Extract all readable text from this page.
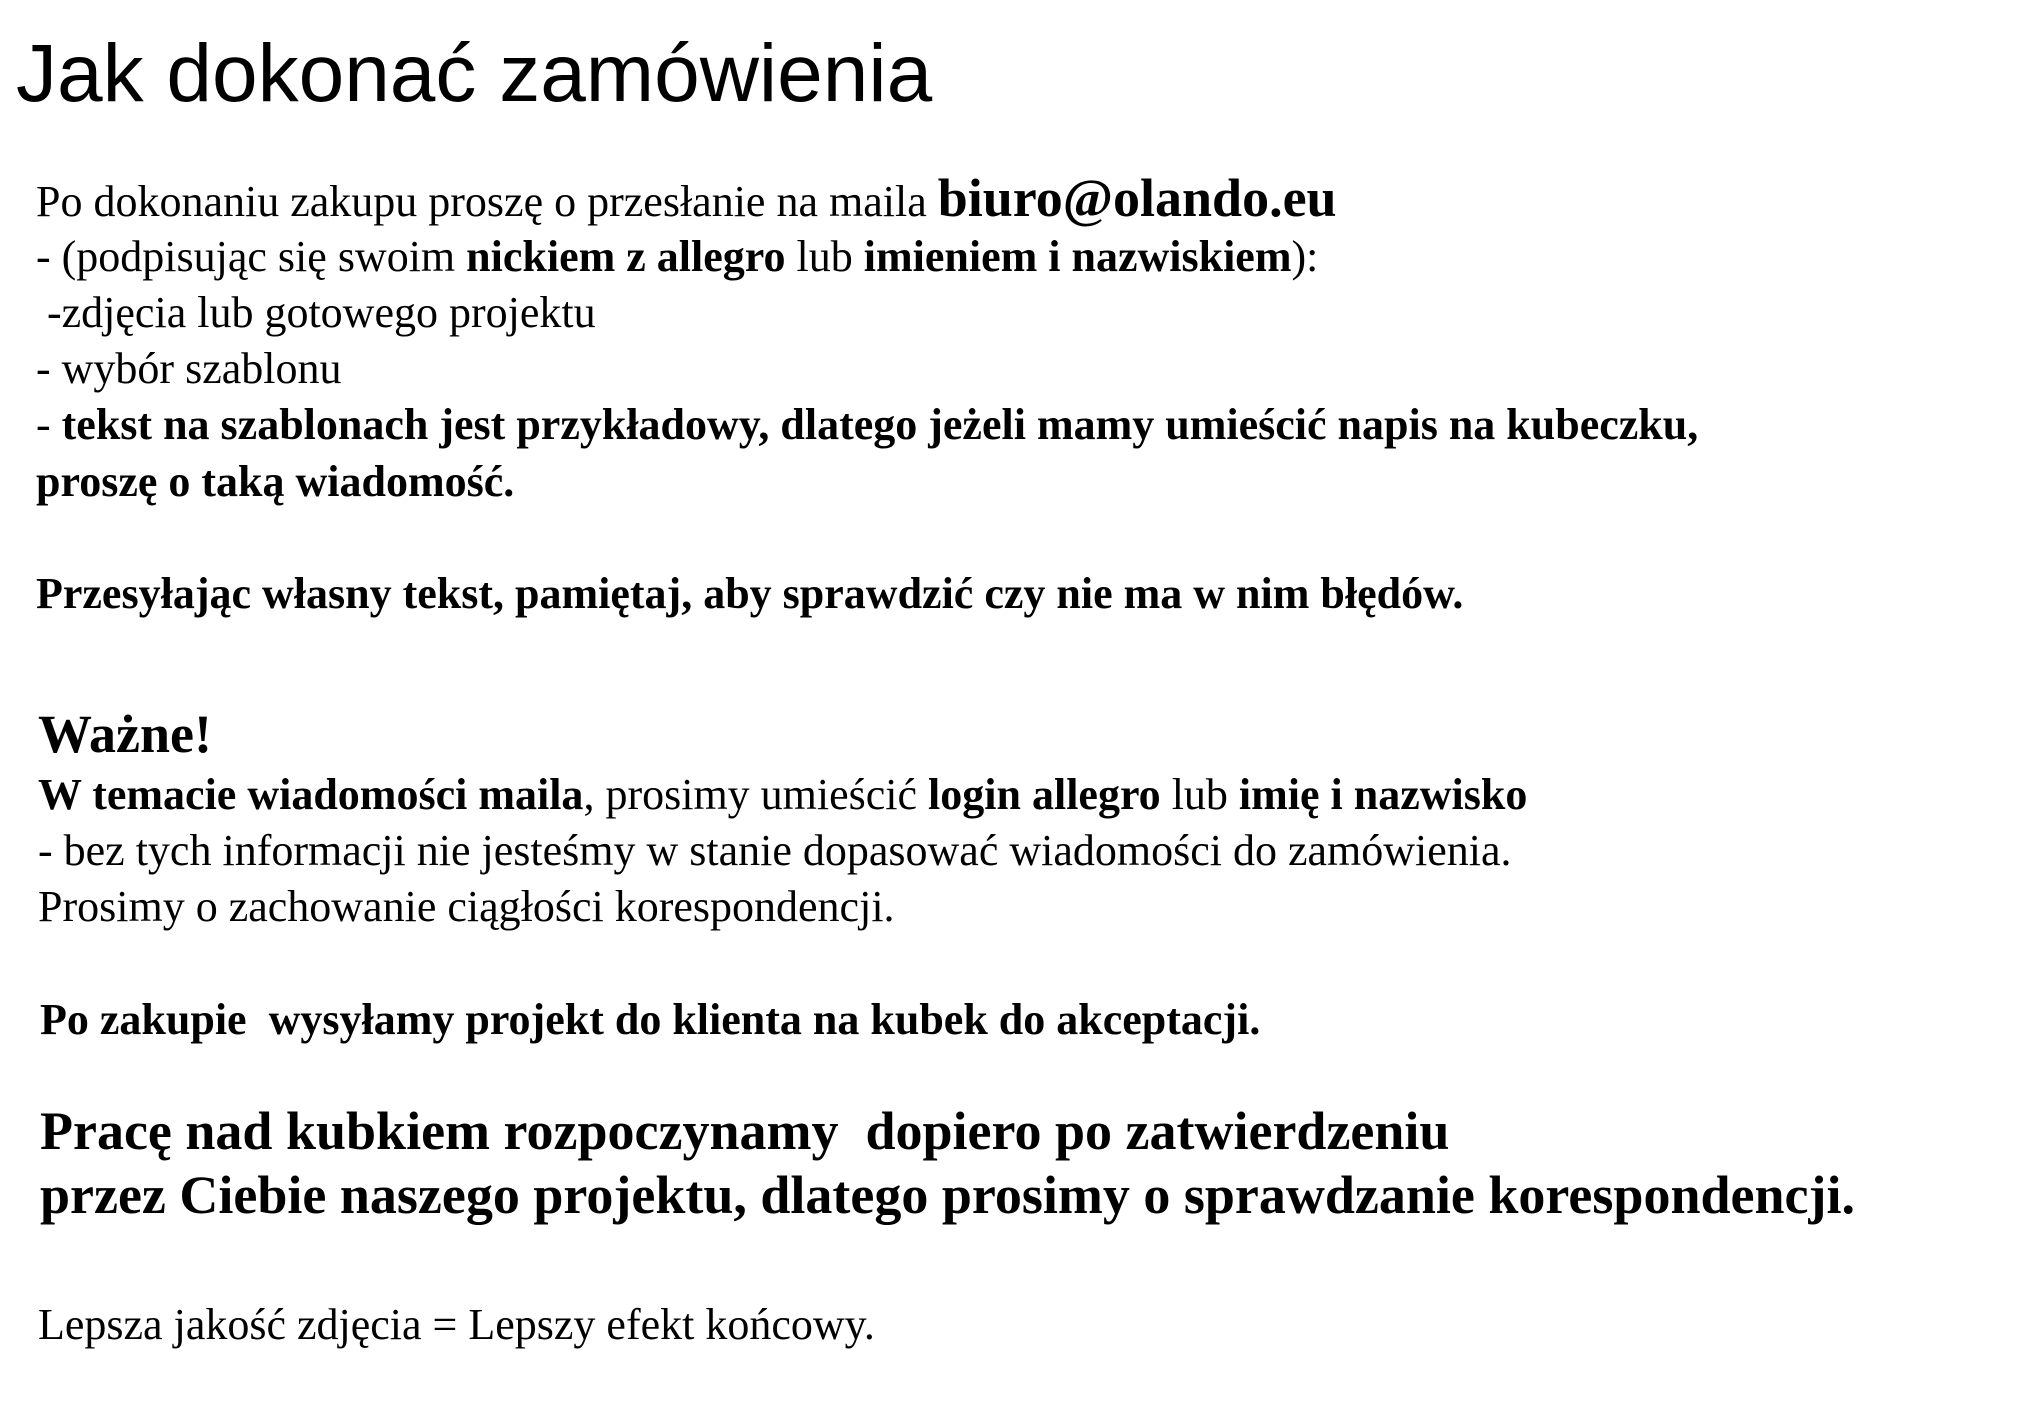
Jak dokonać zamówienia
Po dokonaniu zakupu proszę o przesłanie na maila biuro@olando.eu
- (podpisując się swoim nickiem z allegro lub imieniem i nazwiskiem):
-zdjęcia lub gotowego projektu
- wybór szablonu
- tekst na szablonach jest przykładowy, dlatego jeżeli mamy umieścić napis na kubeczku,
proszę o taką wiadomość.
Przesyłając własny tekst, pamiętaj, aby sprawdzić czy nie ma w nim błędów.
Ważne!
W temacie wiadomości maila, prosimy umieścić login allegro lub imię i nazwisko
- bez tych informacji nie jesteśmy w stanie dopasować wiadomości do zamówienia.
Prosimy o zachowanie ciągłości korespondencji.
Po zakupie  wysyłamy projekt do klienta na kubek do akceptacji.
Pracę nad kubkiem rozpoczynamy  dopiero po zatwierdzeniu
przez Ciebie naszego projektu, dlatego prosimy o sprawdzanie korespondencji.
Lepsza jakość zdjęcia = Lepszy efekt końcowy.
